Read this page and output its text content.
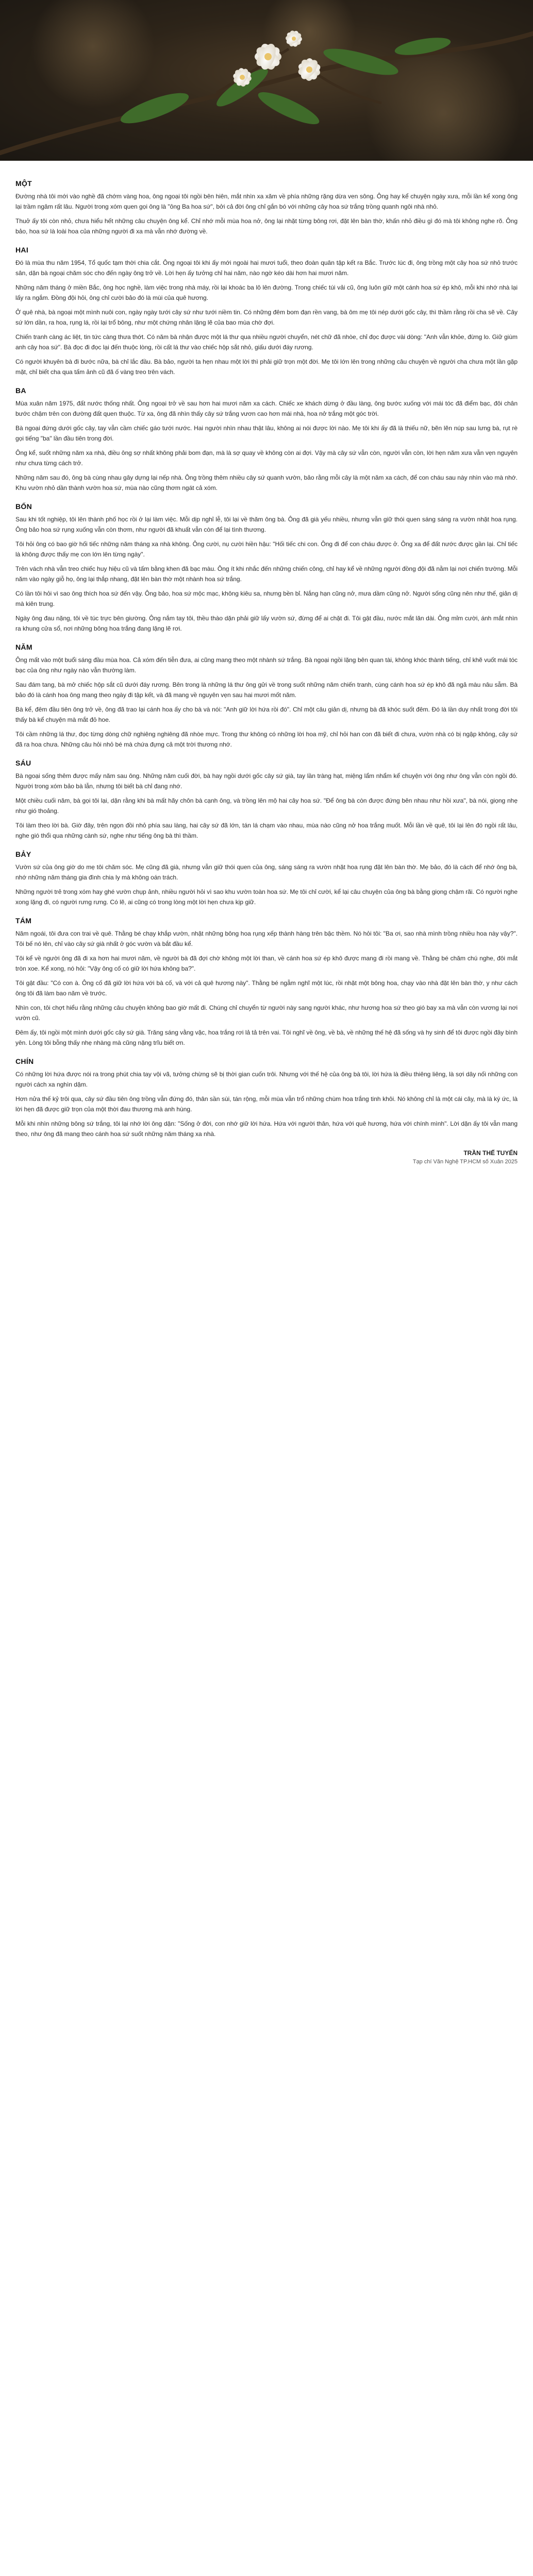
MỘT

Đường nhà tôi mới vào nghề đã chớm vàng hoa, ông ngoại tôi ngồi bên hiên, mắt nhìn xa xăm về phía những rặng dừa ven sông. Ông hay kể chuyện ngày xưa, mỗi lần kể xong ông lại trầm ngâm rất lâu. Người trong xóm quen gọi ông là "ông Ba hoa sứ", bởi cả đời ông chỉ gắn bó với những cây hoa sứ trắng trồng quanh ngôi nhà nhỏ.

Thuở ấy tôi còn nhỏ, chưa hiểu hết những câu chuyện ông kể. Chỉ nhớ mỗi mùa hoa nở, ông lại nhặt từng bông rơi, đặt lên bàn thờ, khấn nhỏ điều gì đó mà tôi không nghe rõ. Ông bảo, hoa sứ là loài hoa của những người đi xa mà vẫn nhớ đường về.

HAI

Đó là mùa thu năm 1954, Tổ quốc tạm thời chia cắt. Ông ngoại tôi khi ấy mới ngoài hai mươi tuổi, theo đoàn quân tập kết ra Bắc. Trước lúc đi, ông trồng một cây hoa sứ nhỏ trước sân, dặn bà ngoại chăm sóc cho đến ngày ông trở về. Lời hẹn ấy tưởng chỉ hai năm, nào ngờ kéo dài hơn hai mươi năm.

Những năm tháng ở miền Bắc, ông học nghề, làm việc trong nhà máy, rồi lại khoác ba lô lên đường. Trong chiếc túi vải cũ, ông luôn giữ một cánh hoa sứ ép khô, mỗi khi nhớ nhà lại lấy ra ngắm. Đồng đội hỏi, ông chỉ cười bảo đó là mùi của quê hương.

Ở quê nhà, bà ngoại một mình nuôi con, ngày ngày tưới cây sứ như tưới niềm tin. Có những đêm bom đạn rền vang, bà ôm mẹ tôi nép dưới gốc cây, thì thầm rằng rồi cha sẽ về. Cây sứ lớn dần, ra hoa, rụng lá, rồi lại trổ bông, như một chứng nhân lặng lẽ của bao mùa chờ đợi.

Chiến tranh càng ác liệt, tin tức càng thưa thớt. Có năm bà nhận được một lá thư qua nhiều người chuyển, nét chữ đã nhòe, chỉ đọc được vài dòng: "Anh vẫn khỏe, đừng lo. Giữ giùm anh cây hoa sứ". Bà đọc đi đọc lại đến thuộc lòng, rồi cất lá thư vào chiếc hộp sắt nhỏ, giấu dưới đáy rương.

Có người khuyên bà đi bước nữa, bà chỉ lắc đầu. Bà bảo, người ta hẹn nhau một lời thì phải giữ trọn một đời. Mẹ tôi lớn lên trong những câu chuyện về người cha chưa một lần gặp mặt, chỉ biết cha qua tấm ảnh cũ đã ố vàng treo trên vách.

BA

Mùa xuân năm 1975, đất nước thống nhất. Ông ngoại trở về sau hơn hai mươi năm xa cách. Chiếc xe khách dừng ở đầu làng, ông bước xuống với mái tóc đã điểm bạc, đôi chân bước chậm trên con đường đất quen thuộc. Từ xa, ông đã nhìn thấy cây sứ trắng vươn cao hơn mái nhà, hoa nở trắng một góc trời.

Bà ngoại đứng dưới gốc cây, tay vẫn cầm chiếc gáo tưới nước. Hai người nhìn nhau thật lâu, không ai nói được lời nào. Mẹ tôi khi ấy đã là thiếu nữ, bẽn lẽn núp sau lưng bà, rụt rè gọi tiếng "ba" lần đầu tiên trong đời.

Ông kể, suốt những năm xa nhà, điều ông sợ nhất không phải bom đạn, mà là sợ quay về không còn ai đợi. Vậy mà cây sứ vẫn còn, người vẫn còn, lời hẹn năm xưa vẫn vẹn nguyên như chưa từng cách trở.

Những năm sau đó, ông bà cùng nhau gây dựng lại nếp nhà. Ông trồng thêm nhiều cây sứ quanh vườn, bảo rằng mỗi cây là một năm xa cách, để con cháu sau này nhìn vào mà nhớ. Khu vườn nhỏ dần thành vườn hoa sứ, mùa nào cũng thơm ngát cả xóm.

BỐN

Sau khi tốt nghiệp, tôi lên thành phố học rồi ở lại làm việc. Mỗi dịp nghỉ lễ, tôi lại về thăm ông bà. Ông đã già yếu nhiều, nhưng vẫn giữ thói quen sáng sáng ra vườn nhặt hoa rụng. Ông bảo hoa sứ rụng xuống vẫn còn thơm, như người đã khuất vẫn còn để lại tình thương.

Tôi hỏi ông có bao giờ hối tiếc những năm tháng xa nhà không. Ông cười, nụ cười hiền hậu: "Hối tiếc chi con. Ông đi để con cháu được ở. Ông xa để đất nước được gần lại. Chỉ tiếc là không được thấy mẹ con lớn lên từng ngày".

Trên vách nhà vẫn treo chiếc huy hiệu cũ và tấm bằng khen đã bạc màu. Ông ít khi nhắc đến những chiến công, chỉ hay kể về những người đồng đội đã nằm lại nơi chiến trường. Mỗi năm vào ngày giỗ họ, ông lại thắp nhang, đặt lên bàn thờ một nhành hoa sứ trắng.

Có lần tôi hỏi vì sao ông thích hoa sứ đến vậy. Ông bảo, hoa sứ mộc mạc, không kiêu sa, nhưng bền bỉ. Nắng hạn cũng nở, mưa dầm cũng nở. Người sống cũng nên như thế, giản dị mà kiên trung.

Ngày ông đau nặng, tôi về túc trực bên giường. Ông nắm tay tôi, thều thào dặn phải giữ lấy vườn sứ, đừng để ai chặt đi. Tôi gật đầu, nước mắt lăn dài. Ông mỉm cười, ánh mắt nhìn ra khung cửa sổ, nơi những bông hoa trắng đang lặng lẽ rơi.

NĂM

Ông mất vào một buổi sáng đầu mùa hoa. Cả xóm đến tiễn đưa, ai cũng mang theo một nhành sứ trắng. Bà ngoại ngồi lặng bên quan tài, không khóc thành tiếng, chỉ khẽ vuốt mái tóc bạc của ông như ngày nào vẫn thường làm.

Sau đám tang, bà mở chiếc hộp sắt cũ dưới đáy rương. Bên trong là những lá thư ông gửi về trong suốt những năm chiến tranh, cùng cánh hoa sứ ép khô đã ngả màu nâu sẫm. Bà bảo đó là cánh hoa ông mang theo ngày đi tập kết, và đã mang về nguyên vẹn sau hai mươi mốt năm.

Bà kể, đêm đầu tiên ông trở về, ông đã trao lại cánh hoa ấy cho bà và nói: "Anh giữ lời hứa rồi đó". Chỉ một câu giản dị, nhưng bà đã khóc suốt đêm. Đó là lần duy nhất trong đời tôi thấy bà kể chuyện mà mắt đỏ hoe.

Tôi cầm những lá thư, đọc từng dòng chữ nghiêng nghiêng đã nhòe mực. Trong thư không có những lời hoa mỹ, chỉ hỏi han con đã biết đi chưa, vườn nhà có bị ngập không, cây sứ đã ra hoa chưa. Những câu hỏi nhỏ bé mà chứa đựng cả một trời thương nhớ.

SÁU

Bà ngoại sống thêm được mấy năm sau ông. Những năm cuối đời, bà hay ngồi dưới gốc cây sứ già, tay lần tràng hạt, miệng lẩm nhẩm kể chuyện với ông như ông vẫn còn ngồi đó. Người trong xóm bảo bà lẫn, nhưng tôi biết bà chỉ đang nhớ.

Một chiều cuối năm, bà gọi tôi lại, dặn rằng khi bà mất hãy chôn bà cạnh ông, và trồng lên mộ hai cây hoa sứ. "Để ông bà còn được đứng bên nhau như hồi xưa", bà nói, giọng nhẹ như gió thoảng.

Tôi làm theo lời bà. Giờ đây, trên ngọn đồi nhỏ phía sau làng, hai cây sứ đã lớn, tán lá chạm vào nhau, mùa nào cũng nở hoa trắng muốt. Mỗi lần về quê, tôi lại lên đó ngồi rất lâu, nghe gió thổi qua những cành sứ, nghe như tiếng ông bà thì thầm.

BẢY

Vườn sứ của ông giờ do mẹ tôi chăm sóc. Mẹ cũng đã già, nhưng vẫn giữ thói quen của ông, sáng sáng ra vườn nhặt hoa rụng đặt lên bàn thờ. Mẹ bảo, đó là cách để nhớ ông bà, nhớ những năm tháng gia đình chia ly mà không oán trách.

Những người trẻ trong xóm hay ghé vườn chụp ảnh, nhiều người hỏi vì sao khu vườn toàn hoa sứ. Mẹ tôi chỉ cười, kể lại câu chuyện của ông bà bằng giọng chậm rãi. Có người nghe xong lặng đi, có người rưng rưng. Có lẽ, ai cũng có trong lòng một lời hẹn chưa kịp giữ.

TÁM

Năm ngoái, tôi đưa con trai về quê. Thằng bé chạy khắp vườn, nhặt những bông hoa rụng xếp thành hàng trên bậc thềm. Nó hỏi tôi: "Ba ơi, sao nhà mình trồng nhiều hoa này vậy?". Tôi bế nó lên, chỉ vào cây sứ già nhất ở góc vườn và bắt đầu kể.

Tôi kể về người ông đã đi xa hơn hai mươi năm, về người bà đã đợi chờ không một lời than, về cánh hoa sứ ép khô được mang đi rồi mang về. Thằng bé chăm chú nghe, đôi mắt tròn xoe. Kể xong, nó hỏi: "Vậy ông cố có giữ lời hứa không ba?".

Tôi gật đầu: "Có con à. Ông cố đã giữ lời hứa với bà cố, và với cả quê hương này". Thằng bé ngẫm nghĩ một lúc, rồi nhặt một bông hoa, chạy vào nhà đặt lên bàn thờ, y như cách ông tôi đã làm bao năm về trước.

Nhìn con, tôi chợt hiểu rằng những câu chuyện không bao giờ mất đi. Chúng chỉ chuyển từ người này sang người khác, như hương hoa sứ theo gió bay xa mà vẫn còn vương lại nơi vườn cũ.

Đêm ấy, tôi ngồi một mình dưới gốc cây sứ già. Trăng sáng vằng vặc, hoa trắng rơi lả tả trên vai. Tôi nghĩ về ông, về bà, về những thế hệ đã sống và hy sinh để tôi được ngồi đây bình yên. Lòng tôi bỗng thấy nhẹ nhàng mà cũng nặng trĩu biết ơn.

CHÍN

Có những lời hứa được nói ra trong phút chia tay vội vã, tưởng chừng sẽ bị thời gian cuốn trôi. Nhưng với thế hệ của ông bà tôi, lời hứa là điều thiêng liêng, là sợi dây nối những con người cách xa nghìn dặm.

Hơn nửa thế kỷ trôi qua, cây sứ đầu tiên ông trồng vẫn đứng đó, thân sần sùi, tán rộng, mỗi mùa vẫn trổ những chùm hoa trắng tinh khôi. Nó không chỉ là một cái cây, mà là ký ức, là lời hẹn đã được giữ trọn của một thời đau thương mà anh hùng.

Mỗi khi nhìn những bông sứ trắng, tôi lại nhớ lời ông dặn: "Sống ở đời, con nhớ giữ lời hứa. Hứa với người thân, hứa với quê hương, hứa với chính mình". Lời dặn ấy tôi vẫn mang theo, như ông đã mang theo cánh hoa sứ suốt những năm tháng xa nhà.

TRẦN THẾ TUYỂN
Tạp chí Văn Nghệ TP.HCM số Xuân 2025
